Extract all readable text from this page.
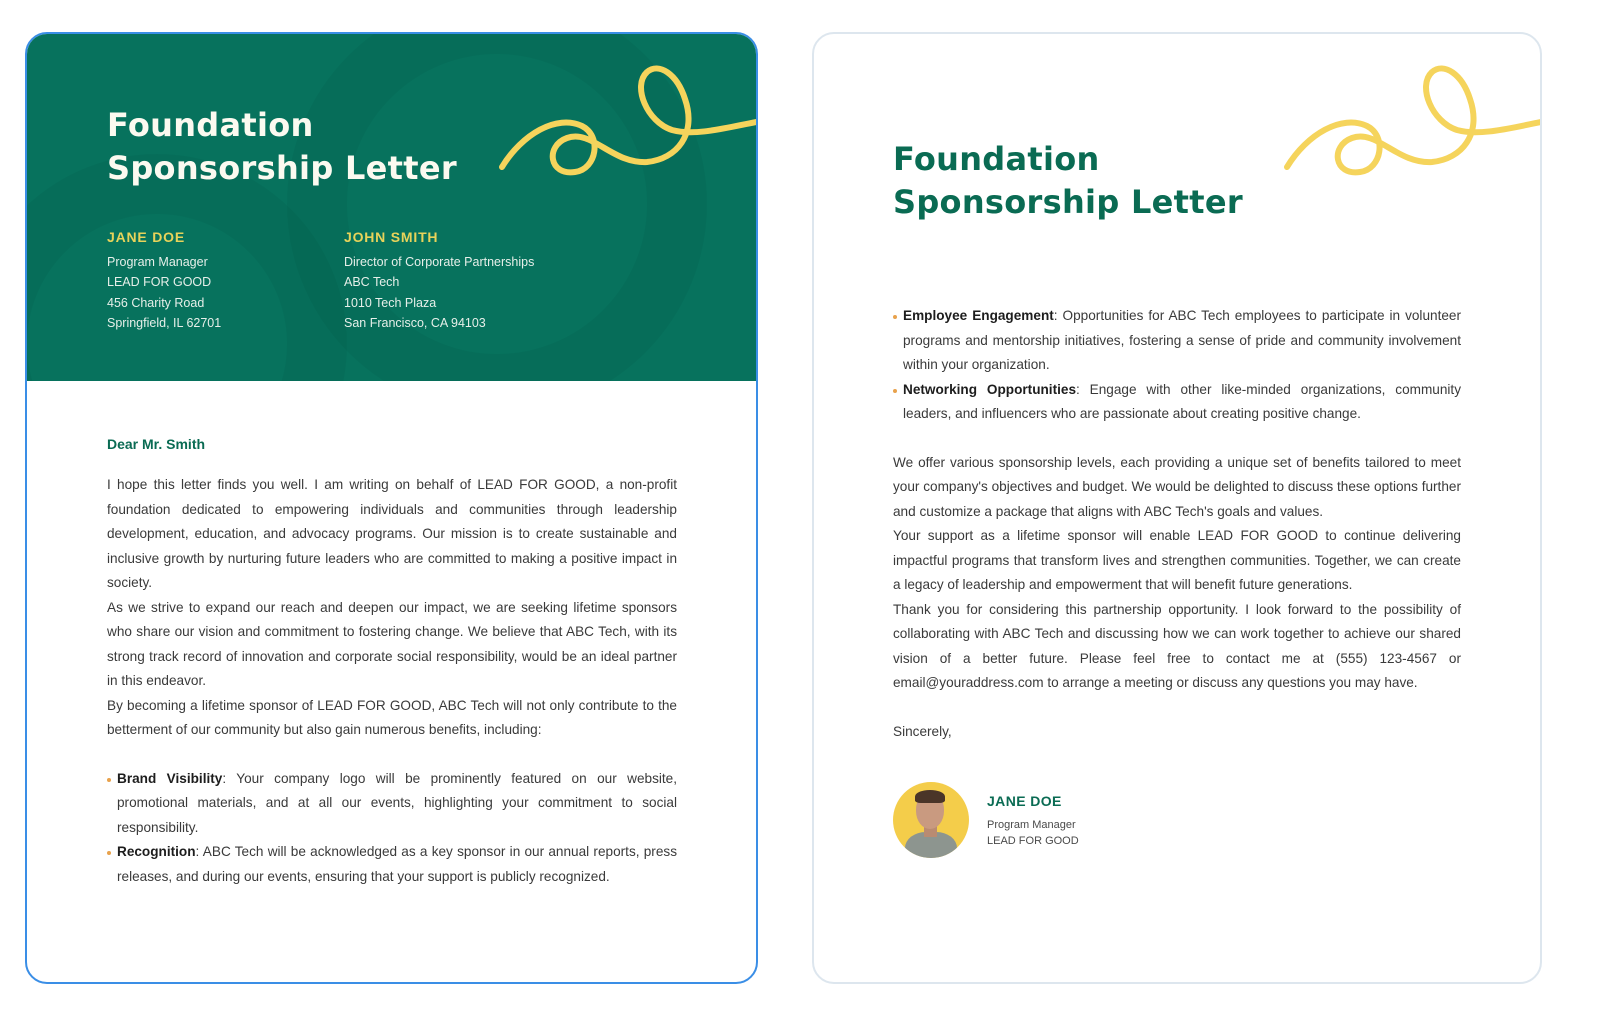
Foundation
Sponsorship Letter
JANE DOE
Program Manager
LEAD FOR GOOD
456 Charity Road
Springfield, IL 62701
JOHN SMITH
Director of Corporate Partnerships
ABC Tech
1010 Tech Plaza
San Francisco, CA 94103
Dear Mr. Smith

I hope this letter finds you well. I am writing on behalf of LEAD FOR GOOD, a non-profit foundation dedicated to empowering individuals and communities through leadership development, education, and advocacy programs. Our mission is to create sustainable and inclusive growth by nurturing future leaders who are committed to making a positive impact in society.

As we strive to expand our reach and deepen our impact, we are seeking lifetime sponsors who share our vision and commitment to fostering change. We believe that ABC Tech, with its strong track record of innovation and corporate social responsibility, would be an ideal partner in this endeavor.

By becoming a lifetime sponsor of LEAD FOR GOOD, ABC Tech will not only contribute to the betterment of our community but also gain numerous benefits, including:

Brand Visibility: Your company logo will be prominently featured on our website, promotional materials, and at all our events, highlighting your commitment to social responsibility.
Recognition: ABC Tech will be acknowledged as a key sponsor in our annual reports, press releases, and during our events, ensuring that your support is publicly recognized.
Foundation
Sponsorship Letter
Employee Engagement: Opportunities for ABC Tech employees to participate in volunteer programs and mentorship initiatives, fostering a sense of pride and community involvement within your organization.
Networking Opportunities: Engage with other like-minded organizations, community leaders, and influencers who are passionate about creating positive change.

We offer various sponsorship levels, each providing a unique set of benefits tailored to meet your company's objectives and budget. We would be delighted to discuss these options further and customize a package that aligns with ABC Tech's goals and values.

Your support as a lifetime sponsor will enable LEAD FOR GOOD to continue delivering impactful programs that transform lives and strengthen communities. Together, we can create a legacy of leadership and empowerment that will benefit future generations.

Thank you for considering this partnership opportunity. I look forward to the possibility of collaborating with ABC Tech and discussing how we can work together to achieve our shared vision of a better future. Please feel free to contact me at (555) 123-4567 or email@youraddress.com to arrange a meeting or discuss any questions you may have.

Sincerely,

JANE DOE
Program Manager
LEAD FOR GOOD
